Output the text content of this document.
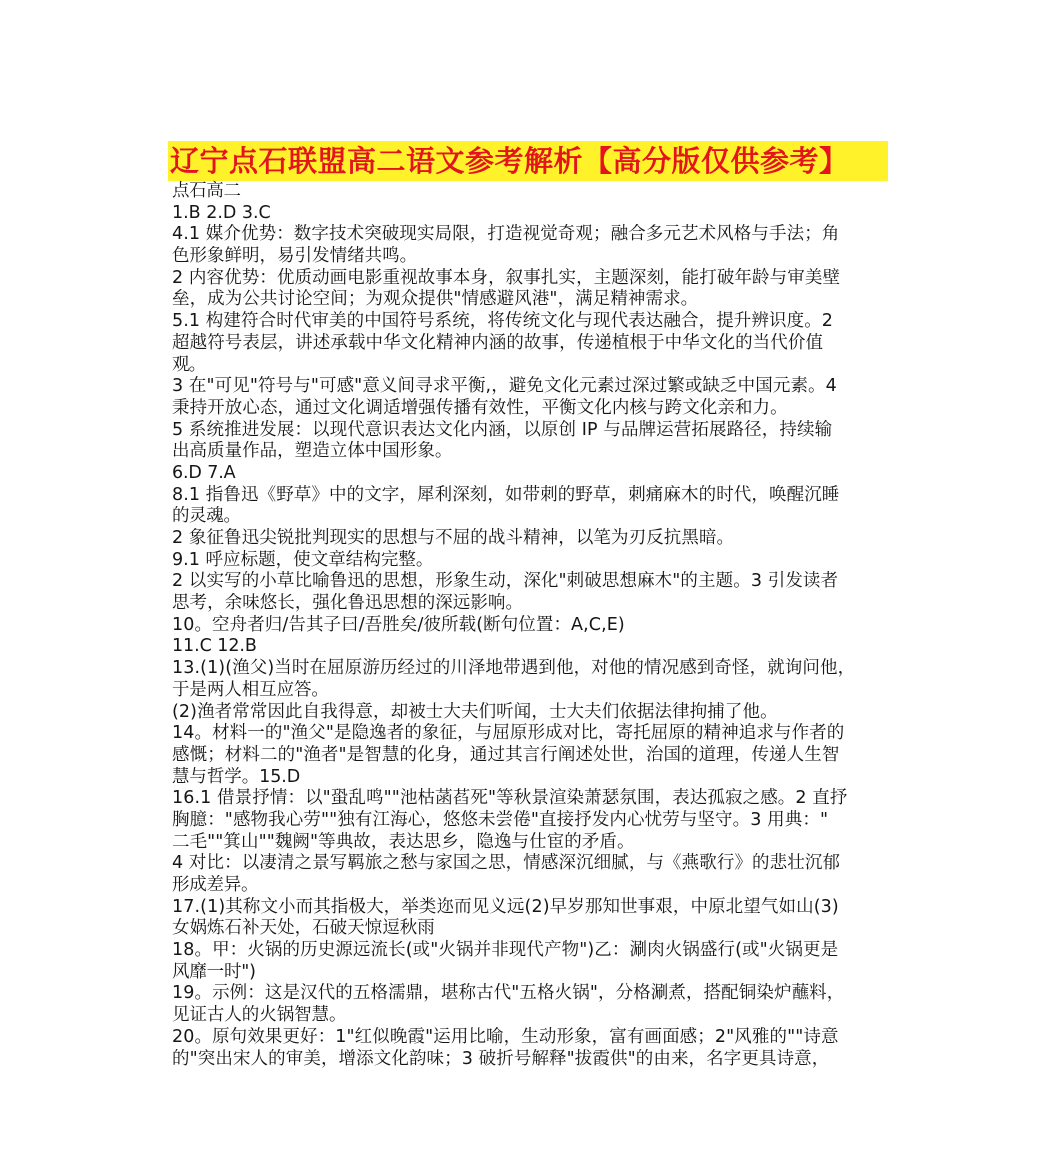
辽宁点石联盟高二语文参考解析【高分版仅供参考】
点石高二
1.B 2.D 3.C
4.1 媒介优势：数字技术突破现实局限，打造视觉奇观；融合多元艺术风格与手法；角
色形象鲜明，易引发情绪共鸣。
2 内容优势：优质动画电影重视故事本身，叙事扎实，主题深刻，能打破年龄与审美壁
垒，成为公共讨论空间；为观众提供"情感避风港"，满足精神需求。
5.1 构建符合时代审美的中国符号系统，将传统文化与现代表达融合，提升辨识度。2
超越符号表层，讲述承载中华文化精神内涵的故事，传递植根于中华文化的当代价值
观。
3 在"可见"符号与"可感"意义间寻求平衡,，避免文化元素过深过繁或缺乏中国元素。4
秉持开放心态，通过文化调适增强传播有效性，平衡文化内核与跨文化亲和力。
5 系统推进发展：以现代意识表达文化内涵，以原创 IP 与品牌运营拓展路径，持续输
出高质量作品，塑造立体中国形象。
6.D 7.A
8.1 指鲁迅《野草》中的文字，犀利深刻，如带刺的野草，刺痛麻木的时代，唤醒沉睡
的灵魂。
2 象征鲁迅尖锐批判现实的思想与不屈的战斗精神，以笔为刃反抗黑暗。
9.1 呼应标题，使文章结构完整。
2 以实写的小草比喻鲁迅的思想，形象生动，深化"刺破思想麻木"的主题。3 引发读者
思考，余味悠长，强化鲁迅思想的深远影响。
10。空舟者归/告其子曰/吾胜矣/彼所载(断句位置：A,C,E)
11.C 12.B
13.(1)(渔父)当时在屈原游历经过的川泽地带遇到他，对他的情况感到奇怪，就询问他，
于是两人相互应答。
(2)渔者常常因此自我得意，却被士大夫们听闻，士大夫们依据法律拘捕了他。
14。材料一的"渔父"是隐逸者的象征，与屈原形成对比，寄托屈原的精神追求与作者的
感慨；材料二的"渔者"是智慧的化身，通过其言行阐述处世，治国的道理，传递人生智
慧与哲学。15.D
16.1 借景抒情：以"蛩乱鸣""池枯菡萏死"等秋景渲染萧瑟氛围，表达孤寂之感。2 直抒
胸臆："感物我心劳""独有江海心，悠悠未尝倦"直接抒发内心忧劳与坚守。3 用典："
二毛""箕山""魏阙"等典故，表达思乡，隐逸与仕宦的矛盾。
4 对比：以凄清之景写羁旅之愁与家国之思，情感深沉细腻，与《燕歌行》的悲壮沉郁
形成差异。
17.(1)其称文小而其指极大，举类迩而见义远(2)早岁那知世事艰，中原北望气如山(3)
女娲炼石补天处，石破天惊逗秋雨
18。甲：火锅的历史源远流长(或"火锅并非现代产物")乙：涮肉火锅盛行(或"火锅更是
风靡一时")
19。示例：这是汉代的五格濡鼎，堪称古代"五格火锅"，分格涮煮，搭配铜染炉蘸料，
见证古人的火锅智慧。
20。原句效果更好：1"红似晚霞"运用比喻，生动形象，富有画面感；2"风雅的""诗意
的"突出宋人的审美，增添文化韵味；3 破折号解释"拔霞供"的由来，名字更具诗意，
